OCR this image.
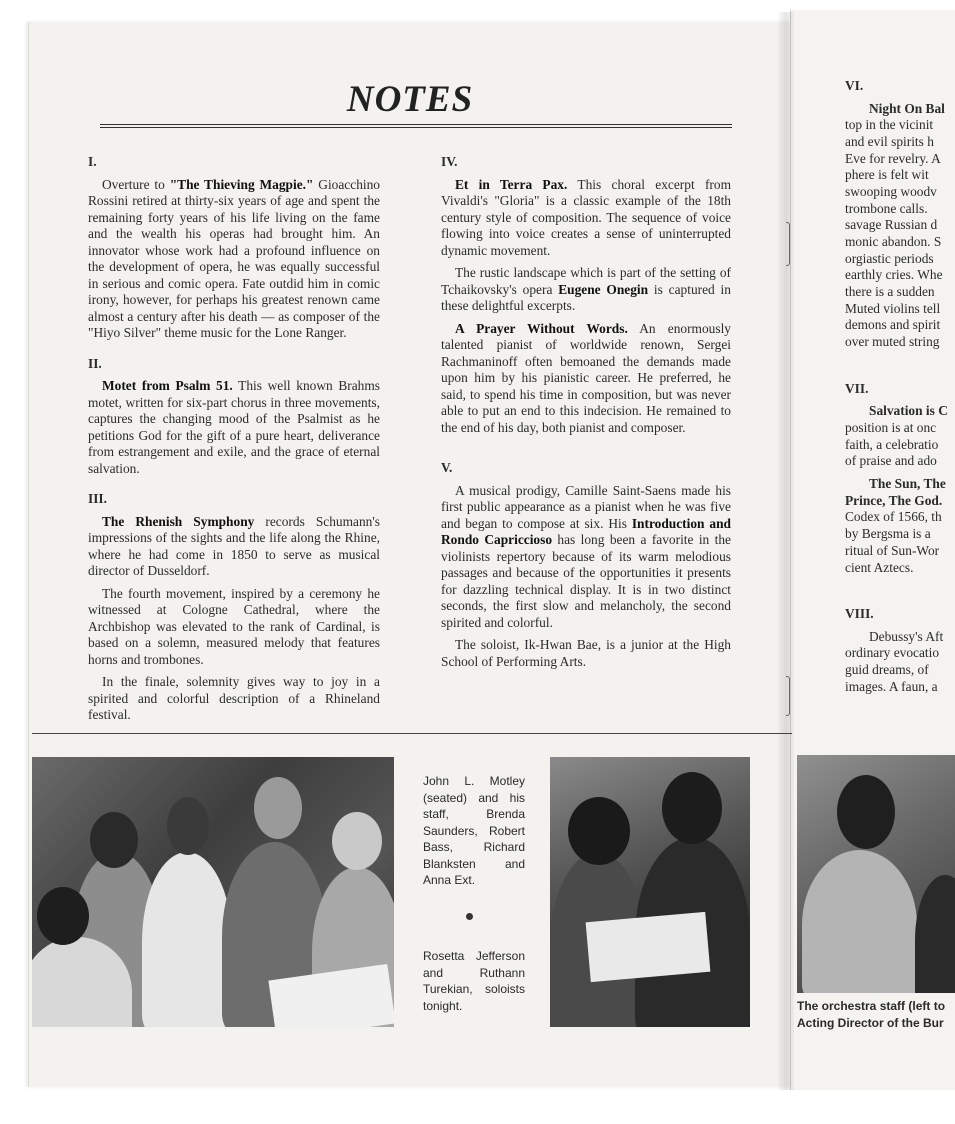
NOTES
I.

Overture to "The Thieving Magpie." Gioacchino Rossini retired at thirty-six years of age and spent the remaining forty years of his life living on the fame and the wealth his operas had brought him. An innovator whose work had a profound influence on the development of opera, he was equally successful in serious and comic opera. Fate outdid him in comic irony, however, for perhaps his greatest renown came almost a century after his death — as composer of the "Hiyo Silver" theme music for the Lone Ranger.

II.

Motet from Psalm 51. This well known Brahms motet, written for six-part chorus in three movements, captures the changing mood of the Psalmist as he petitions God for the gift of a pure heart, deliverance from estrangement and exile, and the grace of eternal salvation.

III.

The Rhenish Symphony records Schumann's impressions of the sights and the life along the Rhine, where he had come in 1850 to serve as musical director of Dusseldorf.

The fourth movement, inspired by a ceremony he witnessed at Cologne Cathedral, where the Archbishop was elevated to the rank of Cardinal, is based on a solemn, measured melody that features horns and trombones.

In the finale, solemnity gives way to joy in a spirited and colorful description of a Rhineland festival.

IV.

Et in Terra Pax. This choral excerpt from Vivaldi's "Gloria" is a classic example of the 18th century style of composition. The sequence of voice flowing into voice creates a sense of uninterrupted dynamic movement.

The rustic landscape which is part of the setting of Tchaikovsky's opera Eugene Onegin is captured in these delightful excerpts.

A Prayer Without Words. An enormously talented pianist of worldwide renown, Sergei Rachmaninoff often bemoaned the demands made upon him by his pianistic career. He preferred, he said, to spend his time in composition, but was never able to put an end to this indecision. He remained to the end of his day, both pianist and composer.

V.

A musical prodigy, Camille Saint-Saens made his first public appearance as a pianist when he was five and began to compose at six. His Introduction and Rondo Capriccioso has long been a favorite in the violinists repertory because of its warm melodious passages and because of the opportunities it presents for dazzling technical display. It is in two distinct seconds, the first slow and melancholy, the second spirited and colorful.

The soloist, Ik-Hwan Bae, is a junior at the High School of Performing Arts.

VI.
Night On Bal
top in the vicinit
and evil spirits h
Eve for revelry. A
phere is felt wit
swooping woodv
trombone calls.
savage Russian d
monic abandon. S
orgiastic periods
earthly cries. Whe
there is a sudden
Muted violins tell
demons and spirit
over muted string
VII.
Salvation is C
position is at onc
faith, a celebratio
of praise and ado
The Sun, The
Prince, The God.
Codex of 1566, th
by Bergsma is a
ritual of Sun-Wor
cient Aztecs.
VIII.
Debussy's Aft
ordinary evocatio
guid dreams, of
images. A faun, a
John L. Motley (seated) and his staff, Brenda Saunders, Robert Bass, Richard Blanksten and Anna Ext.
Rosetta Jefferson and Ruthann Turekian, soloists tonight.	The orchestra staff (left to
Acting Director of the Bur
